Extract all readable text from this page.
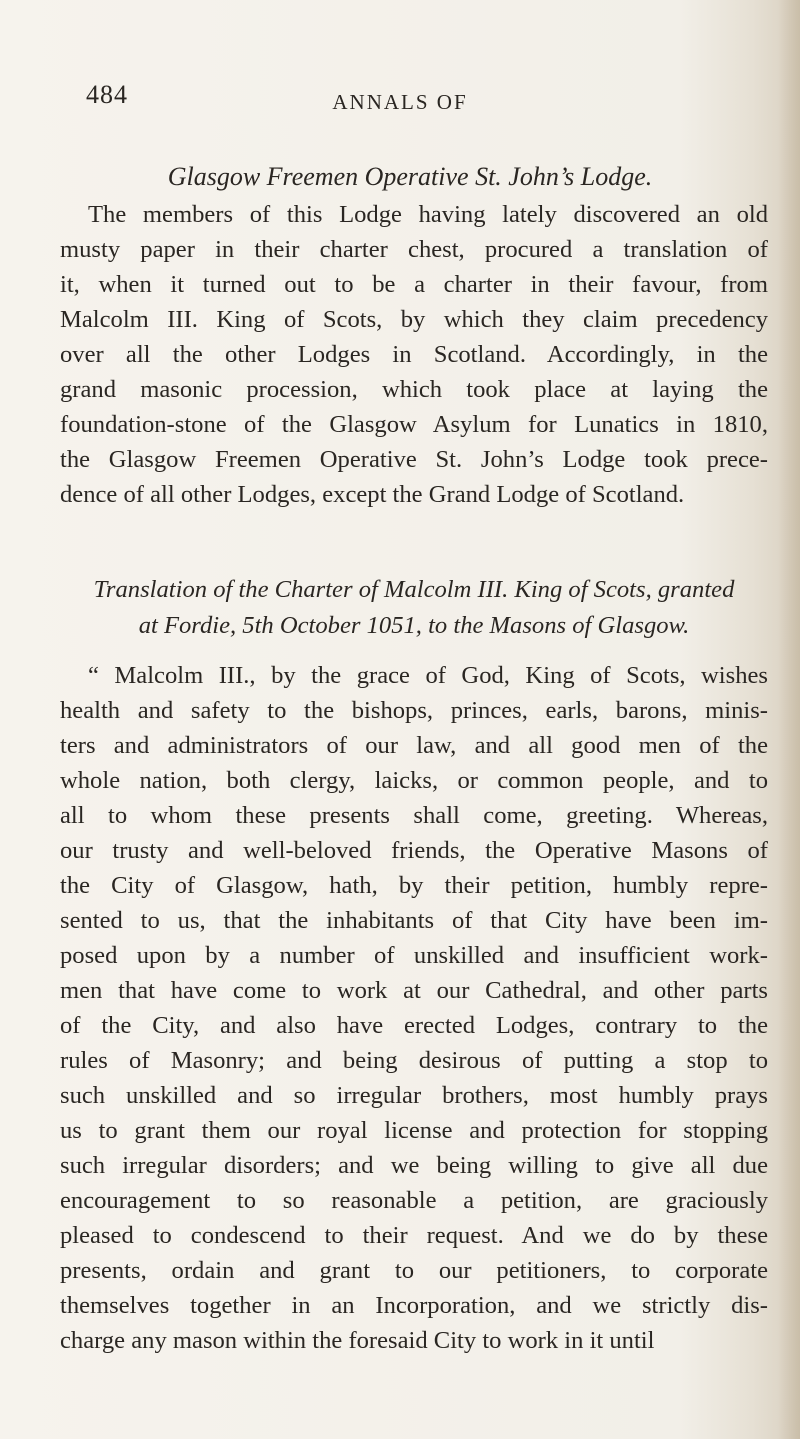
484	ANNALS OF
Glasgow Freemen Operative St. John’s Lodge.
The members of this Lodge having lately discovered an old
musty paper in their charter chest, procured a translation of
it, when it turned out to be a charter in their favour, from
Malcolm III. King of Scots, by which they claim precedency
over all the other Lodges in Scotland. Accordingly, in the
grand masonic procession, which took place at laying the
foundation-stone of the Glasgow Asylum for Lunatics in 1810,
the Glasgow Freemen Operative St. John’s Lodge took prece-
dence of all other Lodges, except the Grand Lodge of Scotland.
Translation of the Charter of Malcolm III. King of Scots, granted
at Fordie, 5th October 1051, to the Masons of Glasgow.
“ Malcolm III., by the grace of God, King of Scots, wishes
health and safety to the bishops, princes, earls, barons, minis-
ters and administrators of our law, and all good men of the
whole nation, both clergy, laicks, or common people, and to
all to whom these presents shall come, greeting. Whereas,
our trusty and well-beloved friends, the Operative Masons of
the City of Glasgow, hath, by their petition, humbly repre-
sented to us, that the inhabitants of that City have been im-
posed upon by a number of unskilled and insufficient work-
men that have come to work at our Cathedral, and other parts
of the City, and also have erected Lodges, contrary to the
rules of Masonry; and being desirous of putting a stop to
such unskilled and so irregular brothers, most humbly prays
us to grant them our royal license and protection for stopping
such irregular disorders; and we being willing to give all due
encouragement to so reasonable a petition, are graciously
pleased to condescend to their request. And we do by these
presents, ordain and grant to our petitioners, to corporate
themselves together in an Incorporation, and we strictly dis-
charge any mason within the foresaid City to work in it until
